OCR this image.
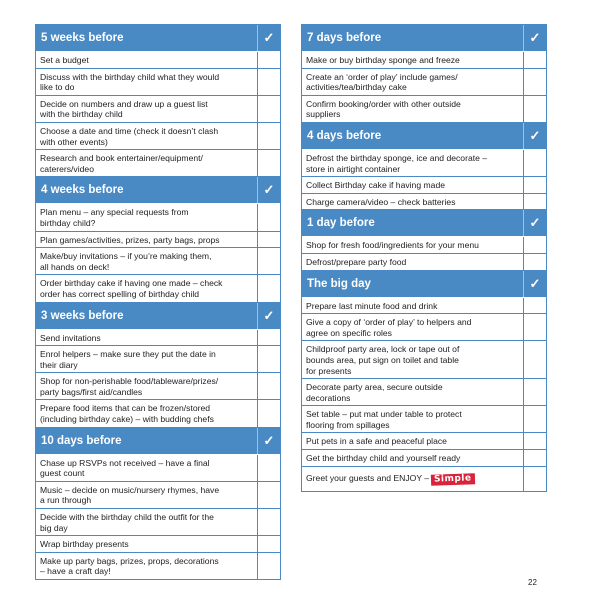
5 weeks before	✓
Set a budget
Discuss with the birthday child what they would
like to do
Decide on numbers and draw up a guest list
with the birthday child
Choose a date and time (check it doesn’t clash
with other events)
Research and book entertainer/equipment/
caterers/video
4 weeks before	✓
Plan menu – any special requests from
birthday child?
Plan games/activities, prizes, party bags, props
Make/buy invitations – if you’re making them,
all hands on deck!
Order birthday cake if having one made – check
order has correct spelling of birthday child
3 weeks before	✓
Send invitations
Enrol helpers – make sure they put the date in
their diary
Shop for non-perishable food/tableware/prizes/
party bags/first aid/candles
Prepare food items that can be frozen/stored
(including birthday cake) – with budding chefs
10 days before	✓
Chase up RSVPs not received – have a final
guest count
Music – decide on music/nursery rhymes, have
a run through
Decide with the birthday child the outfit for the
big day
Wrap birthday presents
Make up party bags, prizes, props, decorations
– have a craft day!
7 days before	✓
Make or buy birthday sponge and freeze
Create an ‘order of play’ include games/
activities/tea/birthday cake
Confirm booking/order with other outside
suppliers
4 days before	✓
Defrost the birthday sponge, ice and decorate –
store in airtight container
Collect Birthday cake if having made
Charge camera/video – check batteries
1 day before	✓
Shop for fresh food/ingredients for your menu
Defrost/prepare party food
The big day	✓
Prepare last minute food and drink
Give a copy of ‘order of play’ to helpers and
agree on specific roles
Childproof party area, lock or tape out of
bounds area, put sign on toilet and table
for presents
Decorate party area, secure outside
decorations
Set table – put mat under table to protect
flooring from spillages
Put pets in a safe and peaceful place
Get the birthday child and yourself ready
Greet your guests and ENJOY – Simple
22
